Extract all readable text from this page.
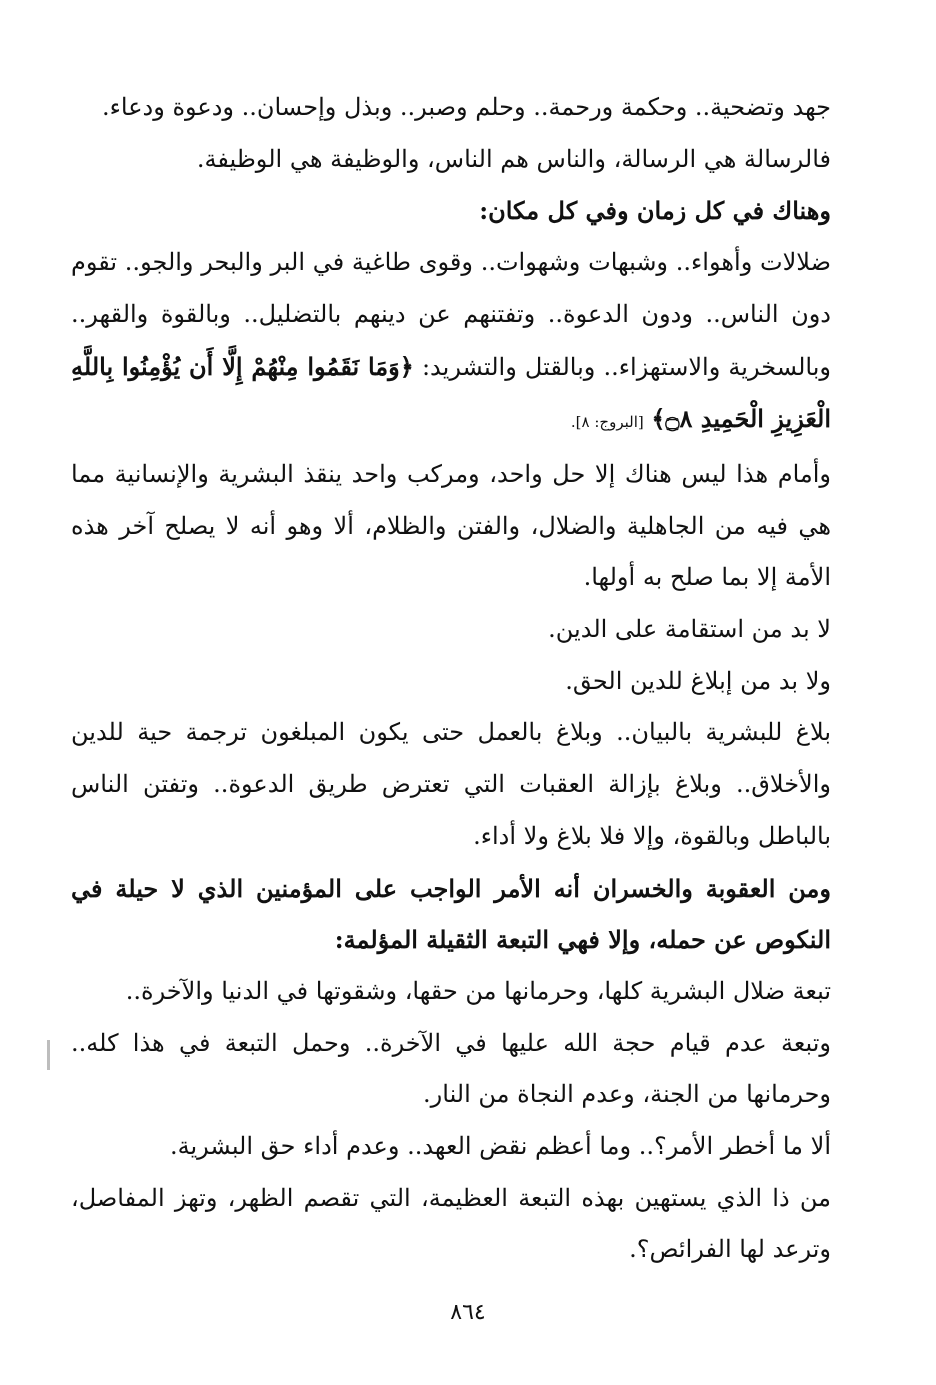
جهد وتضحية.. وحكمة ورحمة.. وحلم وصبر.. وبذل وإحسان.. ودعوة ودعاء.

فالرسالة هي الرسالة، والناس هم الناس، والوظيفة هي الوظيفة.

وهناك في كل زمان وفي كل مكان:

ضلالات وأهواء.. وشبهات وشهوات.. وقوى طاغية في البر والبحر والجو.. تقوم دون الناس.. ودون الدعوة.. وتفتنهم عن دينهم بالتضليل.. وبالقوة والقهر.. وبالسخرية والاستهزاء.. وبالقتل والتشريد: ﴿وَمَا نَقَمُوا مِنْهُمْ إِلَّا أَن يُؤْمِنُوا بِاللَّهِ الْعَزِيزِ الْحَمِيدِ ۝٨﴾ [البروج: ٨].

وأمام هذا ليس هناك إلا حل واحد، ومركب واحد ينقذ البشرية والإنسانية مما هي فيه من الجاهلية والضلال، والفتن والظلام، ألا وهو أنه لا يصلح آخر هذه الأمة إلا بما صلح به أولها.

لا بد من استقامة على الدين.

ولا بد من إبلاغ للدين الحق.

بلاغ للبشرية بالبيان.. وبلاغ بالعمل حتى يكون المبلغون ترجمة حية للدين والأخلاق.. وبلاغ بإزالة العقبات التي تعترض طريق الدعوة.. وتفتن الناس بالباطل وبالقوة، وإلا فلا بلاغ ولا أداء.

ومن العقوبة والخسران أنه الأمر الواجب على المؤمنين الذي لا حيلة في النكوص عن حمله، وإلا فهي التبعة الثقيلة المؤلمة:

تبعة ضلال البشرية كلها، وحرمانها من حقها، وشقوتها في الدنيا والآخرة..

وتبعة عدم قيام حجة الله عليها في الآخرة.. وحمل التبعة في هذا كله.. وحرمانها من الجنة، وعدم النجاة من النار.

ألا ما أخطر الأمر؟.. وما أعظم نقض العهد.. وعدم أداء حق البشرية.

من ذا الذي يستهين بهذه التبعة العظيمة، التي تقصم الظهر، وتهز المفاصل، وترعد لها الفرائص؟.

٨٦٤
